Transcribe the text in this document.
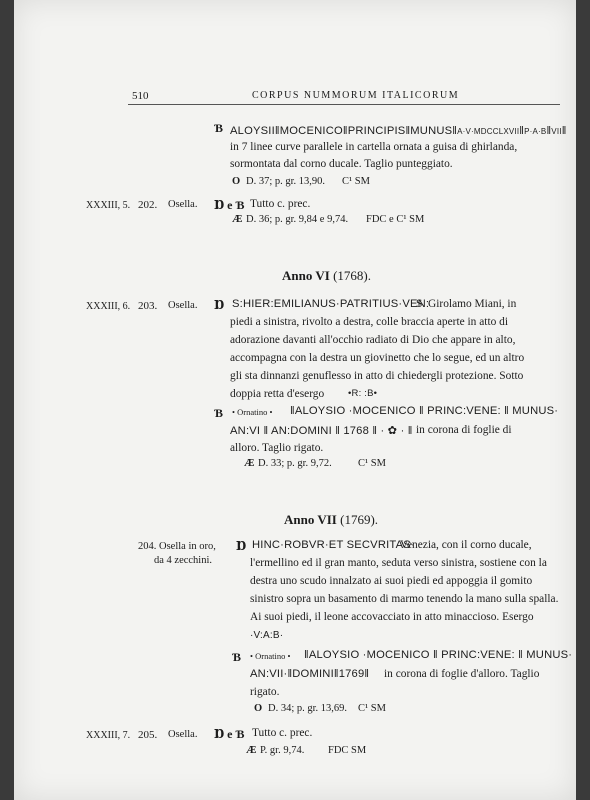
510	CORPUS NUMMORUM ITALICORUM
Ɓ ALOYSII‖MOCENICO‖PRINCIPIS‖MUNUS‖A·V·MDCCLXVII‖P·A·B‖VII‖
in 7 linee curve parallele in cartella ornata a guisa di ghirlanda,
sormontata dal corno ducale. Taglio punteggiato.
O D. 37; p. gr. 13,90. C¹ SM
XXXIII, 5. 202. Osella. Ɒ e Ɓ Tutto c. prec.
Æ D. 36; p. gr. 9,84 e 9,74. FDC e C¹ SM
Anno VI (1768).
XXXIII, 6. 203. Osella. Ɒ S:HIER:EMILIANUS·PATRITIUS·VEN:
S. Girolamo Miani, in
piedi a sinistra, rivolto a destra, colle braccia aperte in atto di
adorazione davanti all'occhio radiato di Dio che appare in alto,
accompagna con la destra un giovinetto che lo segue, ed un altro
gli sta dinnanzi genuflesso in atto di chiedergli protezione. Sotto
doppia retta d'esergo	•R: :B•
Ɓ • Ornatino • ‖ALOYSIO ·MOCENICO ‖ PRINC:VENE: ‖ MUNUS·
AN:VI ‖ AN:DOMINI ‖ 1768 ‖ · ✿ · ‖ in corona di foglie di
alloro. Taglio rigato.
Æ D. 33; p. gr. 9,72. C¹ SM
Anno VII (1769).
204. Osella in oro,
da 4 zecchini.
Ɒ HINC·ROBVR·ET SECVRITAS·
Venezia, con il corno ducale,
l'ermellino ed il gran manto, seduta verso sinistra, sostiene con la
destra uno scudo innalzato ai suoi piedi ed appoggia il gomito
sinistro sopra un basamento di marmo tenendo la mano sulla spalla.
Ai suoi piedi, il leone accovacciato in atto minaccioso. Esergo
·V:A:B·
Ɓ • Ornatino • ‖ALOYSIO ·MOCENICO ‖ PRINC:VENE: ‖ MUNUS·
AN:VII·‖DOMINI‖1769‖ in corona di foglie d'alloro. Taglio
rigato.
O D. 34; p. gr. 13,69. C¹ SM
XXXIII, 7. 205. Osella. Ɒ e Ɓ Tutto c. prec.
Æ P. gr. 9,74. FDC SM
